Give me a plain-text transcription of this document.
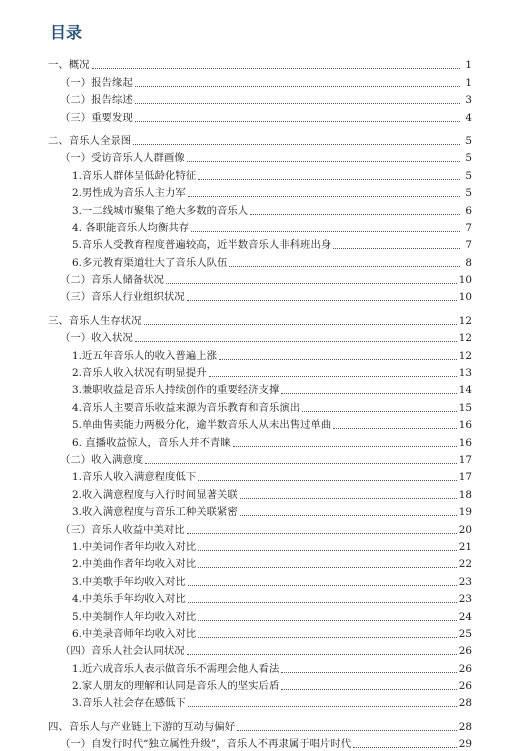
目录
一、概况	1
（一）报告缘起	1
（二）报告综述	3
（三）重要发现	4
二、音乐人全景图	5
（一）受访音乐人人群画像	5
1.音乐人群体呈低龄化特征	5
2.男性成为音乐人主力军	5
3.一二线城市聚集了绝大多数的音乐人	6
4. 各职能音乐人均衡共存	7
5.音乐人受教育程度普遍较高，近半数音乐人非科班出身	7
6.多元教育渠道壮大了音乐人队伍	8
（二）音乐人储备状况	10
（三）音乐人行业组织状况	10
三、音乐人生存状况	12
（一）收入状况	12
1.近五年音乐人的收入普遍上涨	12
2.音乐人收入状况有明显提升	13
3.兼职收益是音乐人持续创作的重要经济支撑	14
4.音乐人主要音乐收益来源为音乐教育和音乐演出	15
5.单曲售卖能力两极分化，逾半数音乐人从未出售过单曲	16
6. 直播收益惊人，音乐人并不青睐	16
（二）收入满意度	17
1.音乐人收入满意程度低下	17
2.收入满意程度与入行时间显著关联	18
3.收入满意程度与音乐工种关联紧密	19
（三）音乐人收益中美对比	20
1.中美词作者年均收入对比	21
2.中美曲作者年均收入对比	22
3.中美歌手年均收入对比	23
4.中美乐手年均收入对比	23
5.中美制作人年均收入对比	24
6.中美录音师年均收入对比	25
（四）音乐人社会认同状况	26
1.近六成音乐人表示做音乐不需理会他人看法	26
2.家人朋友的理解和认同是音乐人的坚实后盾	26
3.音乐人社会存在感低下	28
四、音乐人与产业链上下游的互动与偏好	28
（一）自发行时代“独立属性升级”，音乐人不再隶属于唱片时代	29
